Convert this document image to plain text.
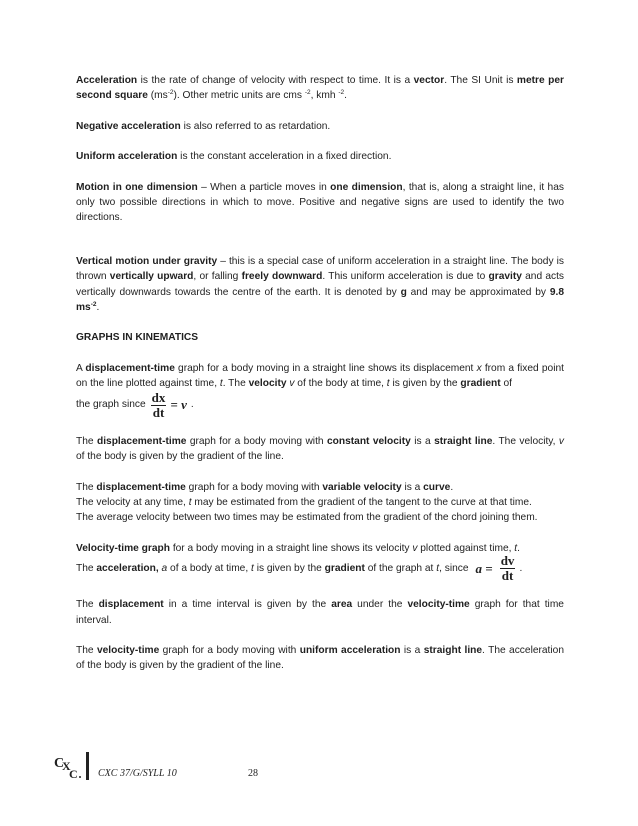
Acceleration is the rate of change of velocity with respect to time. It is a vector. The SI Unit is metre per second square $(ms^{-2})$. Other metric units are cms $^{-2}$, kmh $^{-2}$.

Negative acceleration is also referred to as retardation.

Uniform acceleration is the constant acceleration in a fixed direction.

Motion in one dimension – When a particle moves in one dimension, that is, along a straight line, it has only two possible directions in which to move. Positive and negative signs are used to identify the two directions.

Vertical motion under gravity – this is a special case of uniform acceleration in a straight line. The body is thrown vertically upward, or falling freely downward. This uniform acceleration is due to gravity and acts vertically downwards towards the centre of the earth. It is denoted by g and may be approximated by 9.8 $ms^{-2}$.

GRAPHS IN KINEMATICS

A displacement-time graph for a body moving in a straight line shows its displacement x from a fixed point on the line plotted against time, t. The velocity v of the body at time, t is given by the gradient of

the graph since $\frac{dx}{dt} = v$ .

The displacement-time graph for a body moving with constant velocity is a straight line. The velocity, v of the body is given by the gradient of the line.

The displacement-time graph for a body moving with variable velocity is a curve.
The velocity at any time, t may be estimated from the gradient of the tangent to the curve at that time.
The average velocity between two times may be estimated from the gradient of the chord joining them.

Velocity-time graph for a body moving in a straight line shows its velocity v plotted against time, t.

The acceleration, a of a body at time, t is given by the gradient of the graph at t, since $a = \frac{dv}{dt}$ .

The displacement in a time interval is given by the area under the velocity-time graph for that time interval.

The velocity-time graph for a body moving with uniform acceleration is a straight line. The acceleration of the body is given by the gradient of the line.

C
X
C CXC 37/G/SYLL 10	28
